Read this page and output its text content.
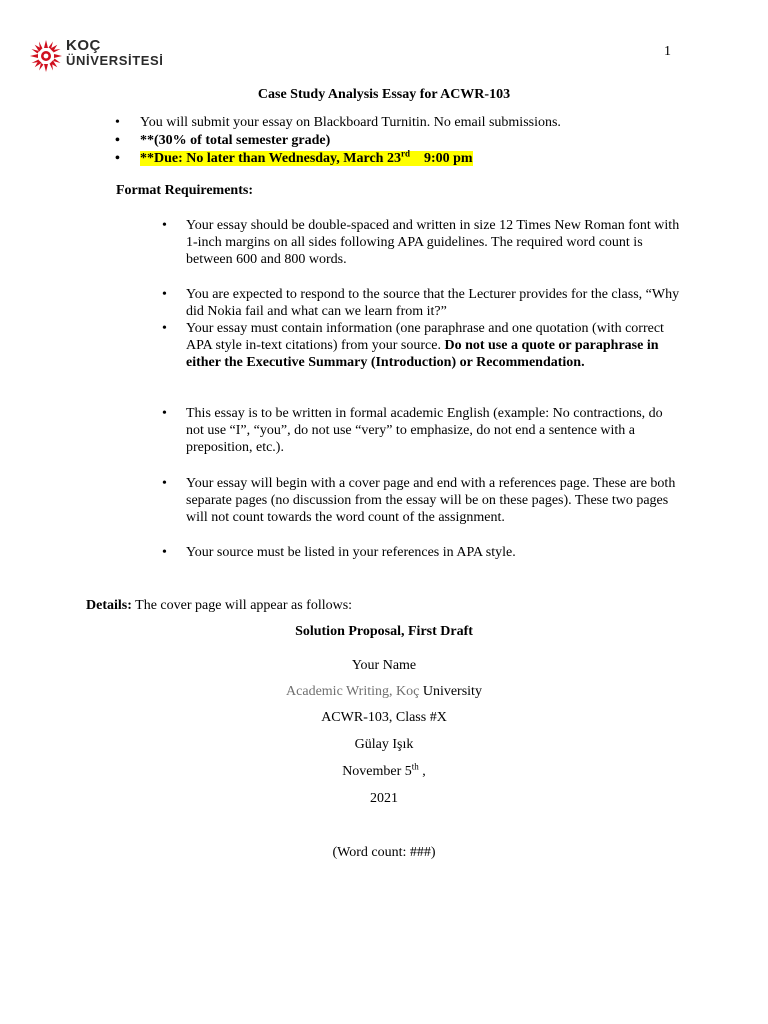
KOÇ
ÜNİVERSİTESİ
1
Case Study Analysis Essay for ACWR-103
• You will submit your essay on Blackboard Turnitin. No email submissions.
• **(30% of total semester grade)
• **Due: No later than Wednesday, March 23rd 9:00 pm
Format Requirements:
• Your essay should be double-spaced and written in size 12 Times New Roman font with 1-inch margins on all sides following APA guidelines. The required word count is between 600 and 800 words.
• You are expected to respond to the source that the Lecturer provides for the class, “Why did Nokia fail and what can we learn from it?”
• Your essay must contain information (one paraphrase and one quotation (with correct APA style in-text citations) from your source. Do not use a quote or paraphrase in either the Executive Summary (Introduction) or Recommendation.
• This essay is to be written in formal academic English (example: No contractions, do not use “I”, “you”, do not use “very” to emphasize, do not end a sentence with a preposition, etc.).
• Your essay will begin with a cover page and end with a references page. These are both separate pages (no discussion from the essay will be on these pages). These two pages will not count towards the word count of the assignment.
• Your source must be listed in your references in APA style.
Details: The cover page will appear as follows:
Solution Proposal, First Draft
Your Name
Academic Writing, Koç University
ACWR-103, Class #X
Gülay Işık
November 5th ,
2021
(Word count: ###)
